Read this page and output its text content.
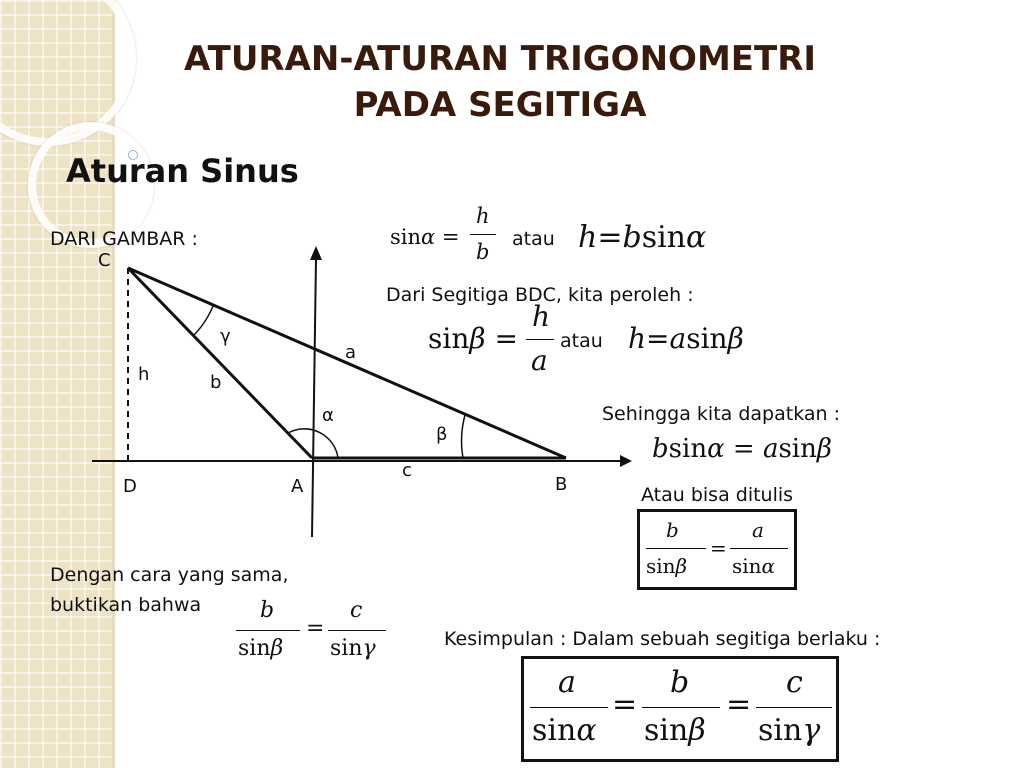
ATURAN-ATURAN TRIGONOMETRI
PADA SEGITIGA
Aturan Sinus
DARI GAMBAR :
C
h	b
γ
a
α
β
c
D	A	B
sinα =
h
b
atau h=bsinα
Dari Segitiga BDC, kita peroleh :
sinβ =
h
a
atau h=asinβ
Sehingga kita dapatkan :
bsinα = asinβ
Atau bisa ditulis
b
sinβ
=
a
sinα
Dengan cara yang sama,
buktikan bahwa	b
sinβ
=
c
sinγ	Kesimpulan : Dalam sebuah segitiga berlaku :
a
sinα
=
b
sinβ
=
c
sinγ
